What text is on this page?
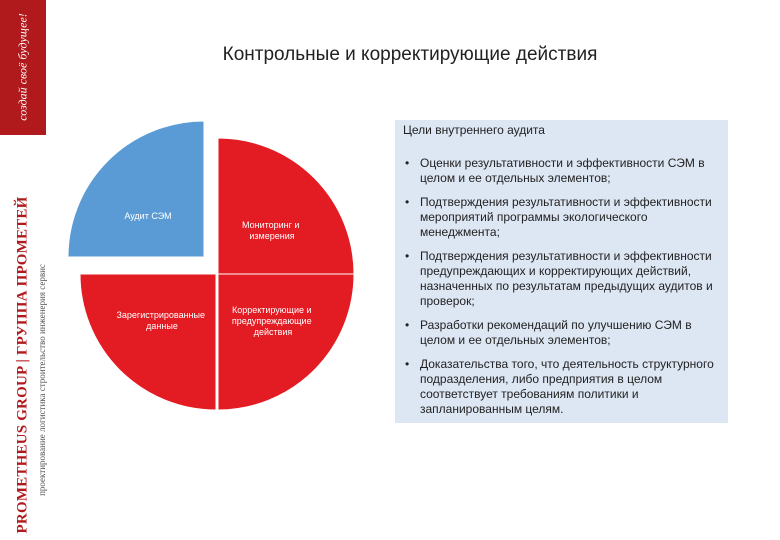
создай своё будущее!
PROMETHEUS GROUP | ГРУППА ПРОМЕТЕЙ проектирование логистика строительство инженерия сервис
Контрольные и корректирующие действия
Аудит СЭМ
Мониторинг и измерения
Корректирующие и предупреждающие действия
Зарегистрированные данные
Цели внутреннего аудита
• Оценки результативности и эффективности СЭМ в целом и ее отдельных элементов;
• Подтверждения результативности и эффективности мероприятий программы экологического менеджмента;
• Подтверждения результативности и эффективности предупреждающих и корректирующих действий, назначенных по результатам предыдущих аудитов и проверок;
• Разработки рекомендаций по улучшению СЭМ в целом и ее отдельных элементов;
• Доказательства того, что деятельность структурного подразделения, либо предприятия в целом соответствует требованиям политики и запланированным целям.
